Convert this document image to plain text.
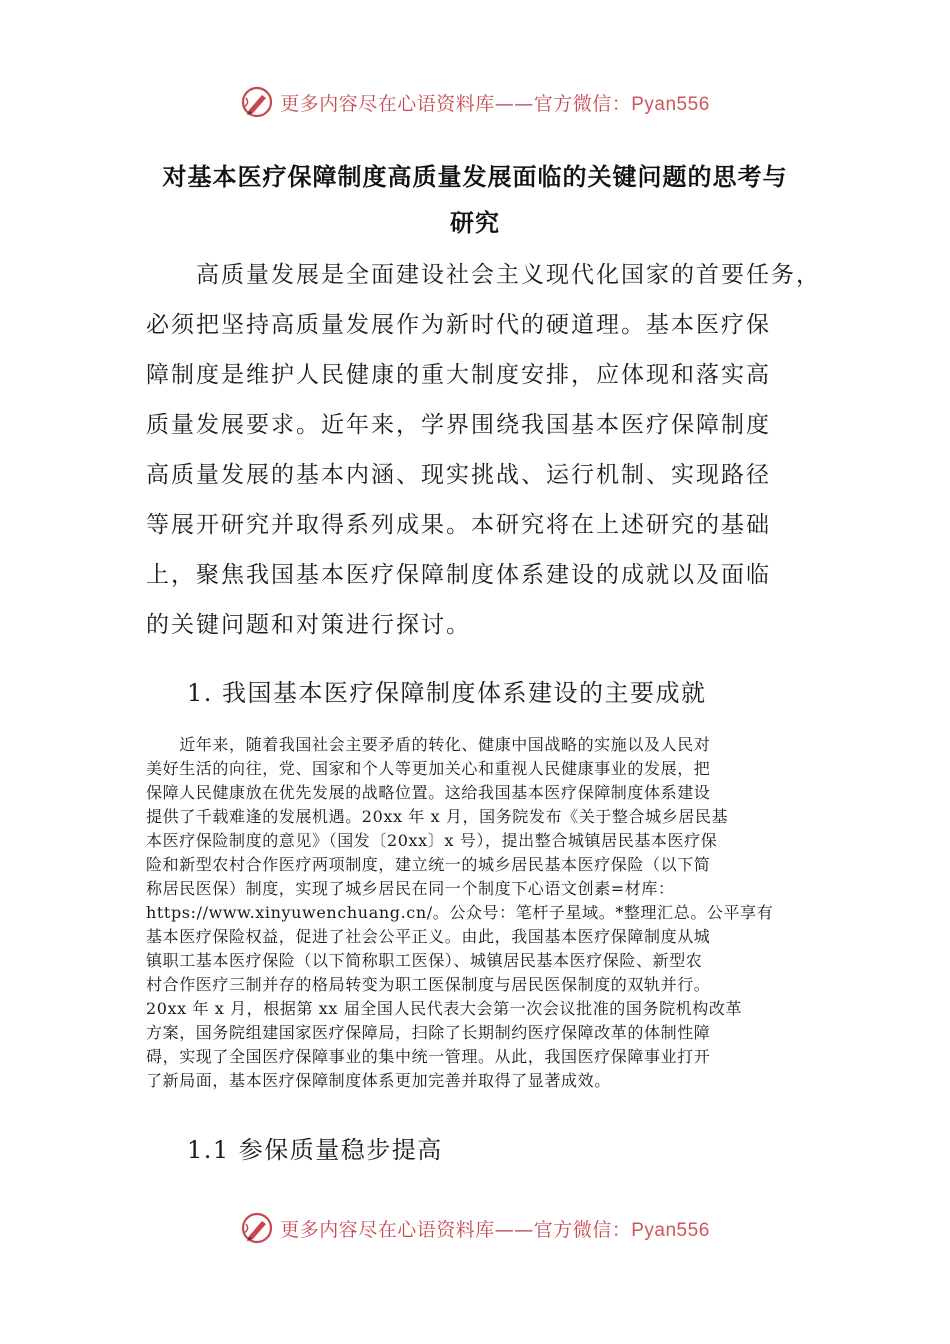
更多内容尽在心语资料库——官方微信：Pyan556
对基本医疗保障制度高质量发展面临的关键问题的思考与
研究
　　高质量发展是全面建设社会主义现代化国家的首要任务，
必须把坚持高质量发展作为新时代的硬道理。基本医疗保
障制度是维护人民健康的重大制度安排，应体现和落实高
质量发展要求。近年来，学界围绕我国基本医疗保障制度
高质量发展的基本内涵、现实挑战、运行机制、实现路径
等展开研究并取得系列成果。本研究将在上述研究的基础
上，聚焦我国基本医疗保障制度体系建设的成就以及面临
的关键问题和对策进行探讨。
1. 我国基本医疗保障制度体系建设的主要成就
　　近年来，随着我国社会主要矛盾的转化、健康中国战略的实施以及人民对
美好生活的向往，党、国家和个人等更加关心和重视人民健康事业的发展，把
保障人民健康放在优先发展的战略位置。这给我国基本医疗保障制度体系建设
提供了千载难逢的发展机遇。20xx 年 x 月，国务院发布《关于整合城乡居民基
本医疗保险制度的意见》（国发〔20xx〕x 号），提出整合城镇居民基本医疗保
险和新型农村合作医疗两项制度，建立统一的城乡居民基本医疗保险（以下简
称居民医保）制度，实现了城乡居民在同一个制度下心语文创素=材库：
https://www.xinyuwenchuang.cn/。公众号：笔杆子星域。*整理汇总。公平享有
基本医疗保险权益，促进了社会公平正义。由此，我国基本医疗保障制度从城
镇职工基本医疗保险（以下简称职工医保）、城镇居民基本医疗保险、新型农
村合作医疗三制并存的格局转变为职工医保制度与居民医保制度的双轨并行。
20xx 年 x 月，根据第 xx 届全国人民代表大会第一次会议批准的国务院机构改革
方案，国务院组建国家医疗保障局，扫除了长期制约医疗保障改革的体制性障
碍，实现了全国医疗保障事业的集中统一管理。从此，我国医疗保障事业打开
了新局面，基本医疗保障制度体系更加完善并取得了显著成效。
1.1 参保质量稳步提高
更多内容尽在心语资料库——官方微信：Pyan556
